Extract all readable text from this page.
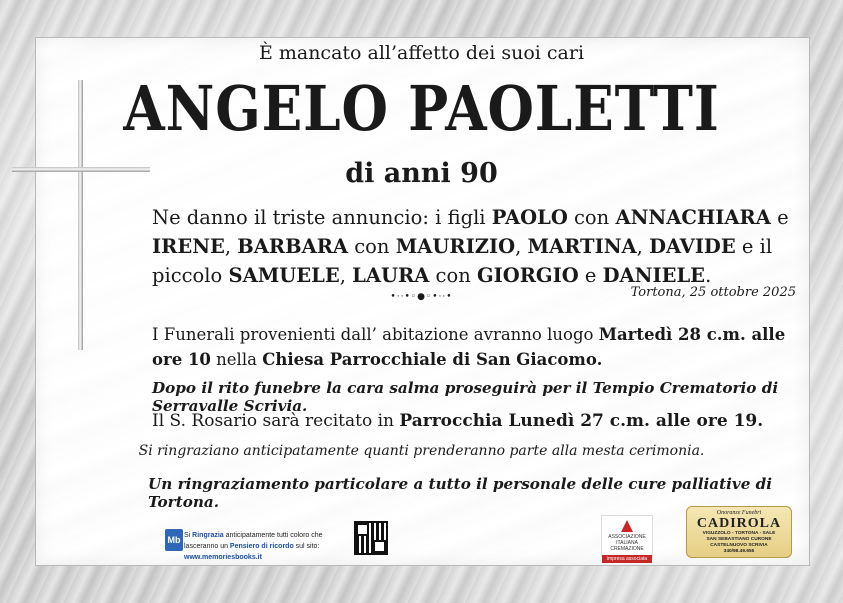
È mancato all’affetto dei suoi cari

ANGELO PAOLETTI

di anni 90

Ne danno il triste annuncio: i figli PAOLO con ANNACHIARA e IRENE, BARBARA con MAURIZIO, MARTINA, DAVIDE e il piccolo SAMUELE, LAURA con GIORGIO e DANIELE.

Tortona, 25 ottobre 2025

•··•◦●◦•··•

I Funerali provenienti dall’ abitazione avranno luogo Martedì 28 c.m. alle ore 10 nella Chiesa Parrocchiale di San Giacomo.

Dopo il rito funebre la cara salma proseguirà per il Tempio Crematorio di Serravalle Scrivia.

Il S. Rosario sarà recitato in Parrocchia Lunedì 27 c.m. alle ore 19.

Si ringraziano anticipatamente quanti prenderanno parte alla mesta cerimonia.

Un ringraziamento particolare a tutto il personale delle cure palliative di Tortona.

Mb Si Ringrazia anticipatamente tutti coloro che lasceranno un Pensiero di ricordo sul sito: www.memoriesbooks.it

ASSOCIAZIONE
ITALIANA
CREMAZIONE
impresa associata
Onoranze Funebri
CADIROLA
VIGUZZOLO - TORTONA - SALE
SAN SEBASTIANO CURONE
CASTELNUOVO SCRIVIA
340/98.49.655
